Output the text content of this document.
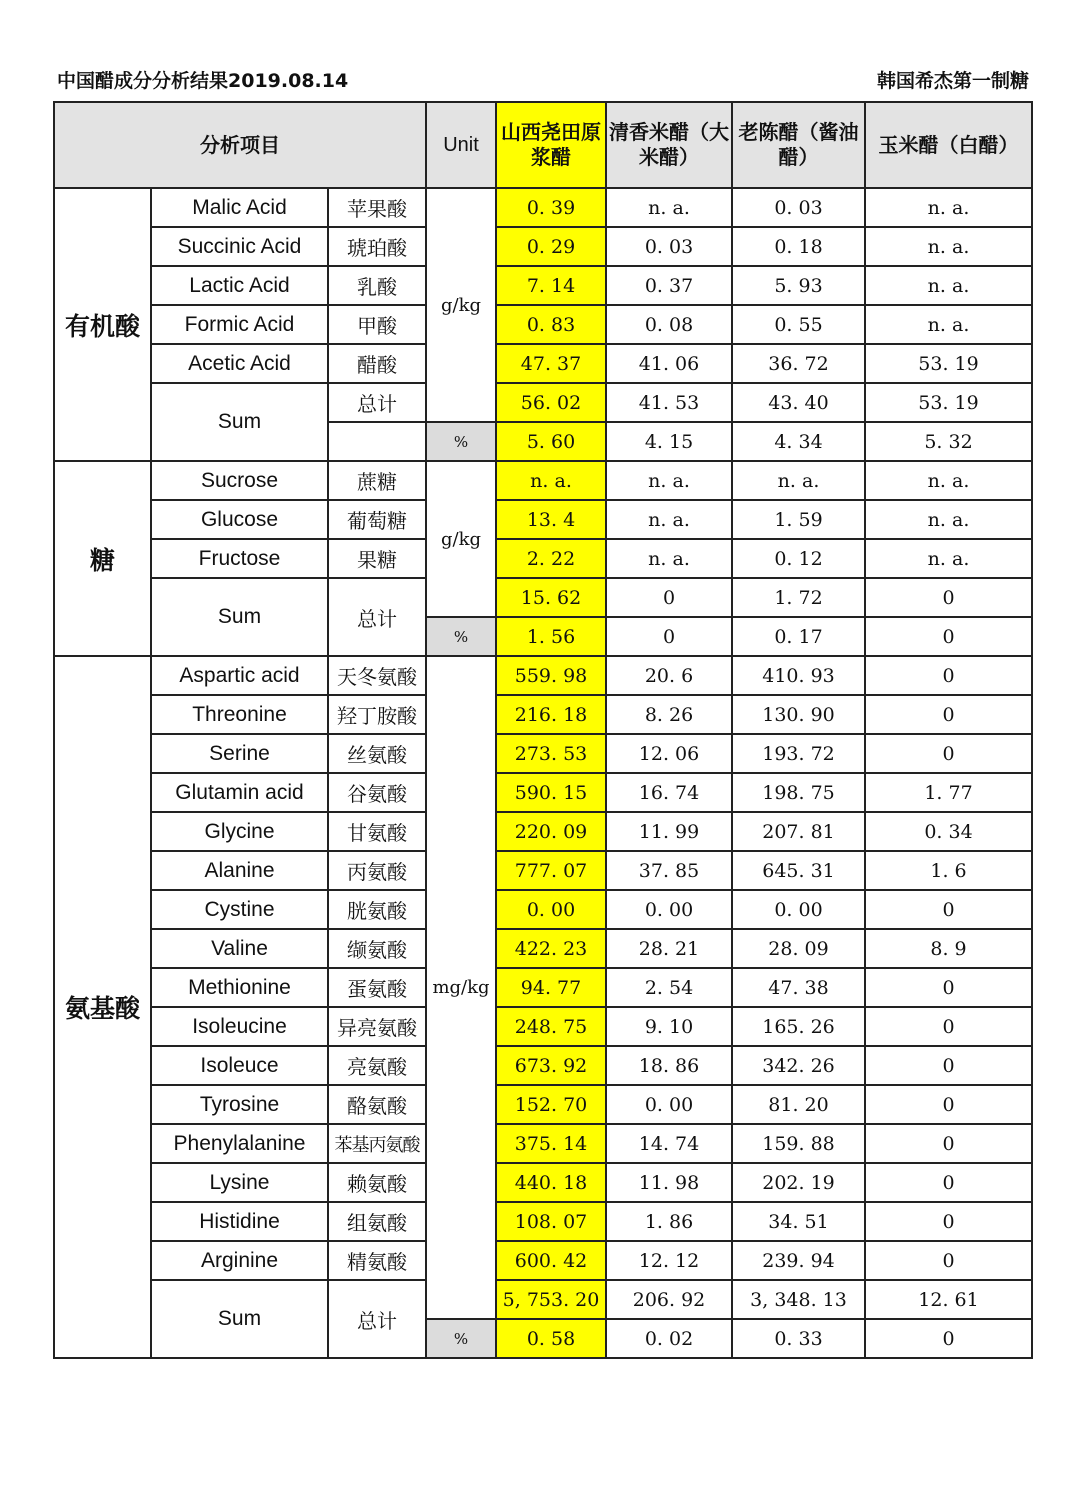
中国醋成分分析结果2019.08.14	韩国希杰第一制糖
分析项目			Unit	山西尧田原浆醋	清香米醋（大米醋）	老陈醋（酱油醋）	玉米醋（白醋）
有机酸	Malic Acid	苹果酸	g/kg	0. 39	n. a.	0. 03	n. a.
	Succinic Acid	琥珀酸		0. 29	0. 03	0. 18	n. a.
	Lactic Acid	乳酸		7. 14	0. 37	5. 93	n. a.
	Formic Acid	甲酸		0. 83	0. 08	0. 55	n. a.
	Acetic Acid	醋酸		47. 37	41. 06	36. 72	53. 19
	Sum	总计		56. 02	41. 53	43. 40	53. 19
			%	5. 60	4. 15	4. 34	5. 32
糖	Sucrose	蔗糖	g/kg	n. a.	n. a.	n. a.	n. a.
	Glucose	葡萄糖		13. 4	n. a.	1. 59	n. a.
	Fructose	果糖		2. 22	n. a.	0. 12	n. a.
	Sum	总计		15. 62	0	1. 72	0
			%	1. 56	0	0. 17	0
氨基酸	Aspartic acid	天冬氨酸	mg/kg	559. 98	20. 6	410. 93	0
	Threonine	羟丁胺酸		216. 18	8. 26	130. 90	0
	Serine	丝氨酸		273. 53	12. 06	193. 72	0
	Glutamin acid	谷氨酸		590. 15	16. 74	198. 75	1. 77
	Glycine	甘氨酸		220. 09	11. 99	207. 81	0. 34
	Alanine	丙氨酸		777. 07	37. 85	645. 31	1. 6
	Cystine	胱氨酸		0. 00	0. 00	0. 00	0
	Valine	缬氨酸		422. 23	28. 21	28. 09	8. 9
	Methionine	蛋氨酸		94. 77	2. 54	47. 38	0
	Isoleucine	异亮氨酸		248. 75	9. 10	165. 26	0
	Isoleuce	亮氨酸		673. 92	18. 86	342. 26	0
	Tyrosine	酪氨酸		152. 70	0. 00	81. 20	0
	Phenylalanine	苯基丙氨酸		375. 14	14. 74	159. 88	0
	Lysine	赖氨酸		440. 18	11. 98	202. 19	0
	Histidine	组氨酸		108. 07	1. 86	34. 51	0
	Arginine	精氨酸		600. 42	12. 12	239. 94	0
	Sum	总计		5, 753. 20	206. 92	3, 348. 13	12. 61
			%	0. 58	0. 02	0. 33	0
